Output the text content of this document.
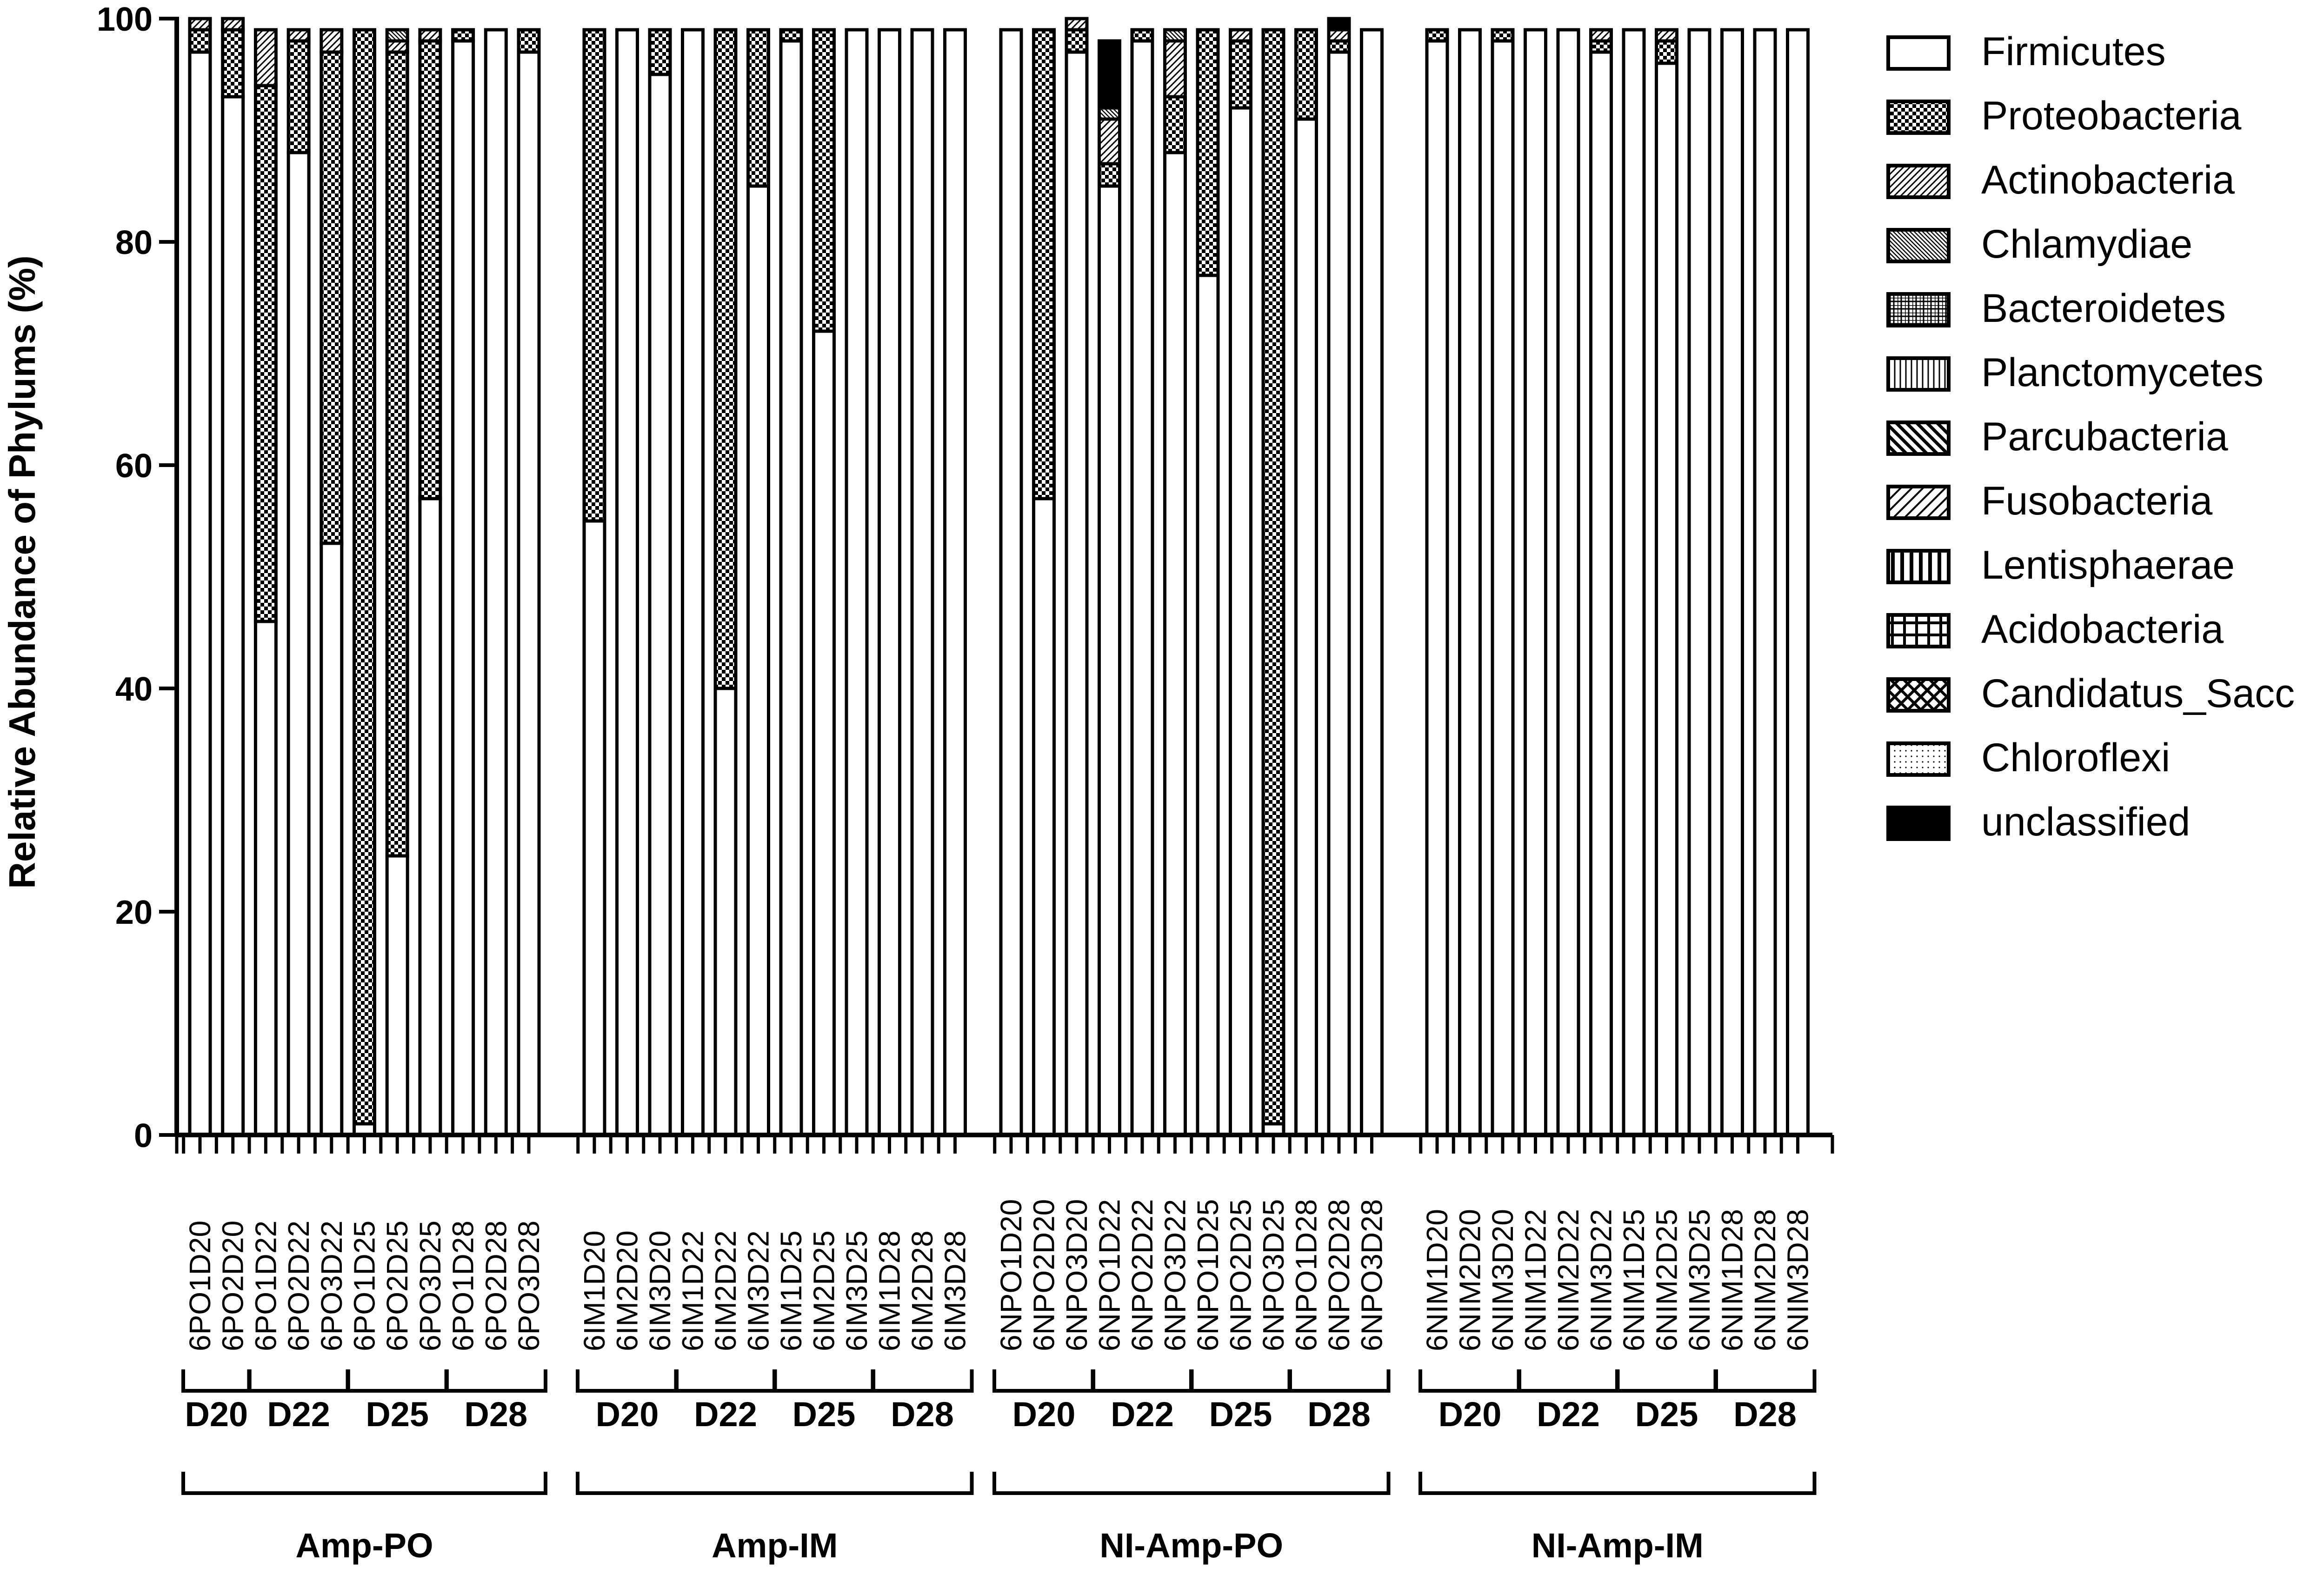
Relative Abundance of Phylums (%)
0
20
40
60
80
100
6PO1D20
6PO2D20
6PO1D22
6PO2D22
6PO3D22
6PO1D25
6PO2D25
6PO3D25
6PO1D28
6PO2D28
6PO3D28 6IM1D20
6IM2D20
6IM3D20
6IM1D22
6IM2D22
6IM3D22
6IM1D25
6IM2D25
6IM3D25
6IM1D28
6IM2D28
6IM3D28 6NPO1D20
6NPO2D20
6NPO3D20
6NPO1D22
6NPO2D22
6NPO3D22
6NPO1D25
6NPO2D25
6NPO3D25
6NPO1D28
6NPO2D28
6NPO3D28 6NIM1D20
6NIM2D20
6NIM3D20
6NIM1D22
6NIM2D22
6NIM3D22
6NIM1D25
6NIM2D25
6NIM3D25
6NIM1D28
6NIM2D28
6NIM3D28
D20 D22 D25 D28 D20 D22 D25 D28 D20 D22 D25 D28 D20 D22 D25 D28
Amp-PO	Amp-IM	NI-Amp-PO	NI-Amp-IM
Firmicutes
Proteobacteria
Actinobacteria
Chlamydiae
Bacteroidetes
Planctomycetes
Parcubacteria
Fusobacteria
Lentisphaerae
Acidobacteria
Candidatus_Sacc
Chloroflexi
unclassified
